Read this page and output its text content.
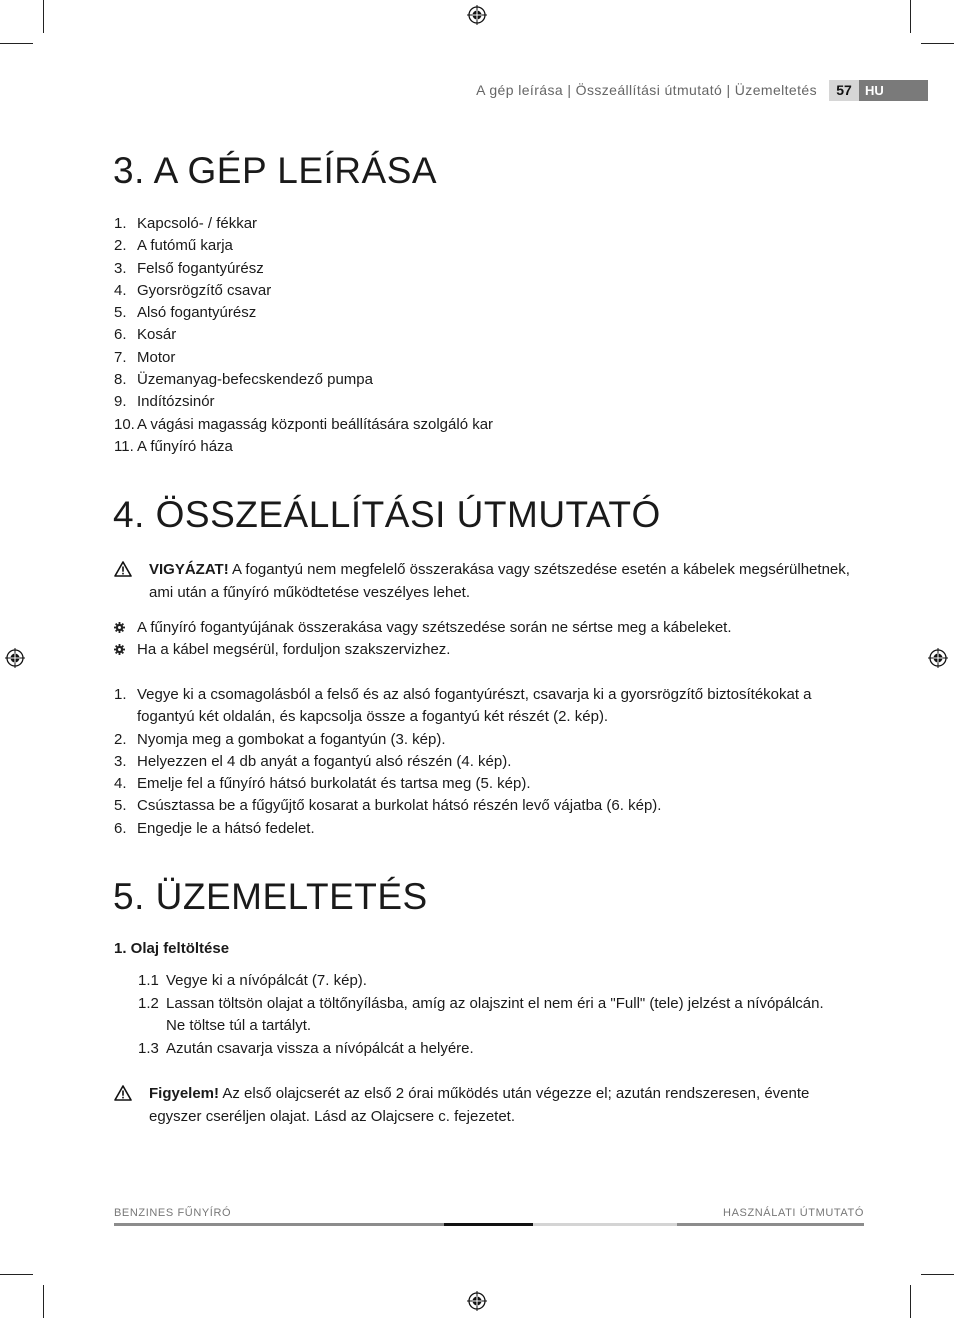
A gép leírása | Összeállítási útmutató | Üzemeltetés	57	HU
3. A GÉP LEÍRÁSA
1. Kapcsoló- / fékkar
2. A futómű karja
3. Felső fogantyúrész
4. Gyorsrögzítő csavar
5. Alsó fogantyúrész
6. Kosár
7. Motor
8. Üzemanyag-befecskendező pumpa
9. Indítózsinór
10. A vágási magasság központi beállítására szolgáló kar
11. A fűnyíró háza
4. ÖSSZEÁLLÍTÁSI ÚTMUTATÓ
VIGYÁZAT! A fogantyú nem megfelelő összerakása vagy szétszedése esetén a kábelek megsérülhetnek, ami után a fűnyíró működtetése veszélyes lehet.
A fűnyíró fogantyújának összerakása vagy szétszedése során ne sértse meg a kábeleket.
Ha a kábel megsérül, forduljon szakszervizhez.
1. Vegye ki a csomagolásból a felső és az alsó fogantyúrészt, csavarja ki a gyorsrögzítő biztosítékokat a fogantyú két oldalán, és kapcsolja össze a fogantyú két részét (2. kép).
2. Nyomja meg a gombokat a fogantyún (3. kép).
3. Helyezzen el 4 db anyát a fogantyú alsó részén (4. kép).
4. Emelje fel a fűnyíró hátsó burkolatát és tartsa meg (5. kép).
5. Csúsztassa be a fűgyűjtő kosarat a burkolat hátsó részén levő vájatba (6. kép).
6. Engedje le a hátsó fedelet.
5. ÜZEMELTETÉS
1. Olaj feltöltése
1.1 Vegye ki a nívópálcát (7. kép).
1.2 Lassan töltsön olajat a töltőnyílásba, amíg az olajszint el nem éri a "Full" (tele) jelzést a nívópálcán. Ne töltse túl a tartályt.
1.3 Azután csavarja vissza a nívópálcát a helyére.
Figyelem! Az első olajcserét az első 2 órai működés után végezze el; azután rendszeresen, évente egyszer cseréljen olajat. Lásd az Olajcsere c. fejezetet.
BENZINES FŰNYÍRÓ	HASZNÁLATI ÚTMUTATÓ
